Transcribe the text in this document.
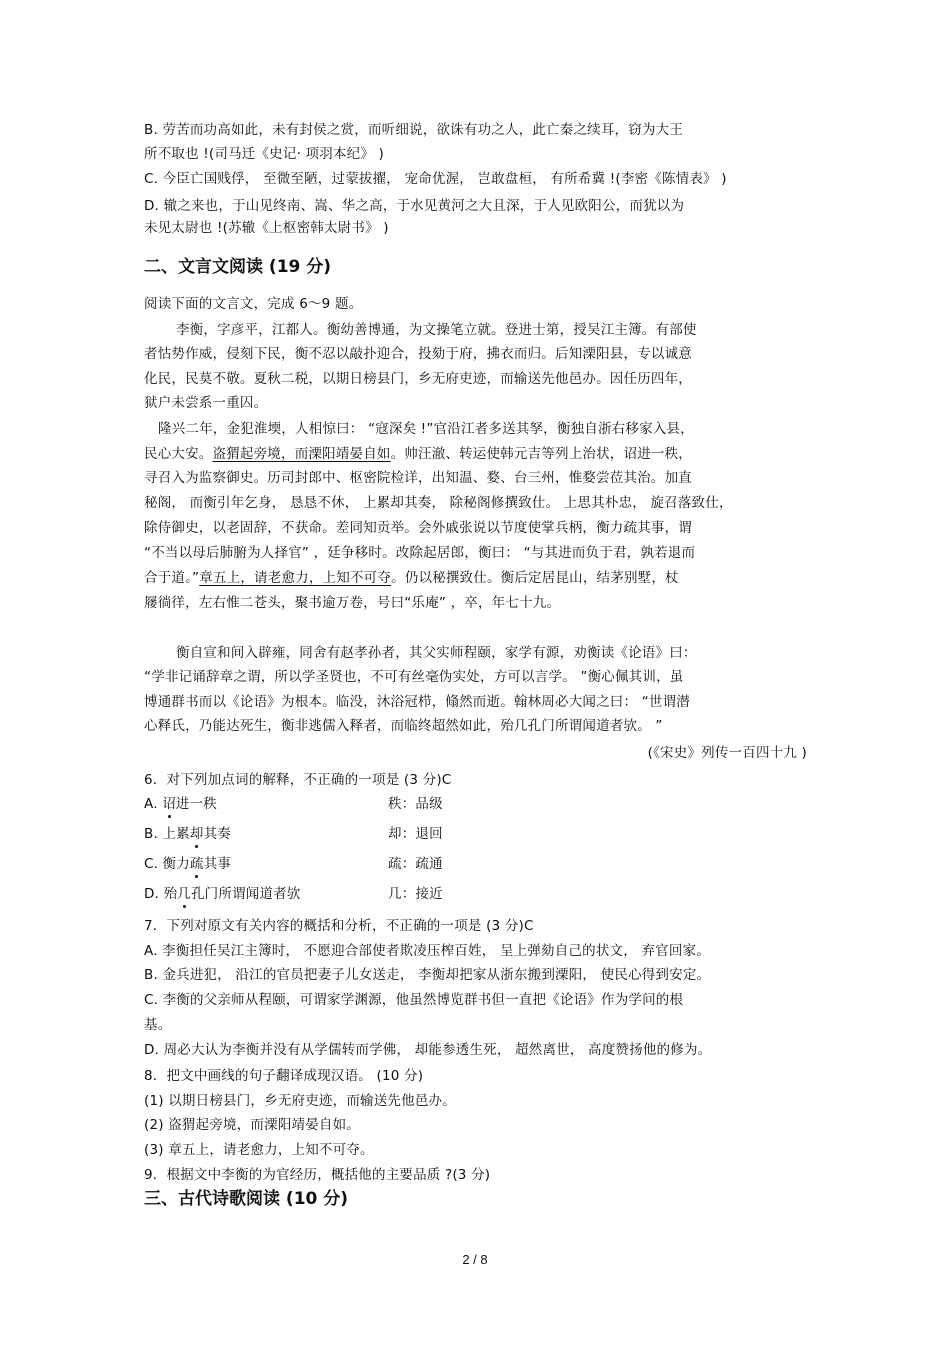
B. 劳苦而功高如此，未有封侯之赏，而听细说，欲诛有功之人，此亡秦之续耳，窃为大王
所不取也 !(司马迁《史记· 项羽本纪》 )
C. 今臣亡国贱俘， 至微至陋，过蒙拔擢， 宠命优渥， 岂敢盘桓， 有所希冀 !(李密《陈情表》 )
D. 辙之来也，于山见终南、嵩、华之高，于水见黄河之大且深，于人见欧阳公，而犹以为
未见太尉也 !(苏辙《上枢密韩太尉书》 )
二、文言文阅读 (19 分)
阅读下面的文言文，完成 6～9 题。
李衡，字彦平，江都人。衡幼善博通，为文操笔立就。登进士第，授吴江主簿。有部使
者怙势作威，侵刻下民，衡不忍以敲扑迎合，投劾于府，拂衣而归。后知溧阳县，专以诚意
化民，民莫不敬。夏秋二税，以期日榜县门，乡无府吏迹，而输送先他邑办。因任历四年，
狱户未尝系一重囚。
隆兴二年，金犯淮堧，人相惊曰： “寇深矣 !”官沿江者多送其孥，衡独自浙右移家入县，
民心大安。盗猬起旁境，而溧阳靖晏自如。帅汪澈、转运使韩元吉等列上治状，诏进一秩，
寻召入为监察御史。历司封郎中、枢密院检详，出知温、婺、台三州，惟婺尝莅其治。加直
秘阁， 而衡引年乞身， 恳恳不休， 上累却其奏， 除秘阁修撰致仕。 上思其朴忠， 旋召落致仕，
除侍御史，以老固辞，不获命。差同知贡举。会外戚张说以节度使掌兵柄，衡力疏其事，谓
“不当以母后肺腑为人择官” ，廷争移时。改除起居郎，衡曰： “与其进而负于君，孰若退而
合于道。”章五上，请老愈力，上知不可夺。仍以秘撰致仕。衡后定居昆山，结茅别墅，杖
屦徜徉，左右惟二苍头，聚书逾万卷，号曰“乐庵” ，卒，年七十九。
衡自宣和间入辟雍，同舍有赵孝孙者，其父实师程颐，家学有源，劝衡读《论语》曰：
“学非记诵辞章之谓，所以学圣贤也，不可有丝毫伪实处，方可以言学。 ”衡心佩其训，虽
博通群书而以《论语》为根本。临没，沐浴冠栉，翛然而逝。翰林周必大闻之曰： “世谓潜
心释氏，乃能达死生，衡非逃儒入释者，而临终超然如此，殆几孔门所谓闻道者欤。 ”
(《宋史》列传一百四十九 )
6．对下列加点词的解释，不正确的一项是 (3 分)C
A. 诏进一秩	秩：品级
B. 上累却其奏	却：退回
C. 衡力疏其事	疏：疏通
D. 殆几孔门所谓闻道者欤	几：接近
7．下列对原文有关内容的概括和分析，不正确的一项是 (3 分)C
A. 李衡担任吴江主簿时， 不愿迎合部使者欺凌压榨百姓， 呈上弹劾自己的状文， 弃官回家。
B. 金兵进犯， 沿江的官员把妻子儿女送走， 李衡却把家从浙东搬到溧阳， 使民心得到安定。
C. 李衡的父亲师从程颐，可谓家学渊源，他虽然博览群书但一直把《论语》作为学问的根
基。
D. 周必大认为李衡并没有从学儒转而学佛， 却能参透生死， 超然离世， 高度赞扬他的修为。
8．把文中画线的句子翻译成现汉语。 (10 分)
(1) 以期日榜县门，乡无府吏迹，而输送先他邑办。
(2) 盗猬起旁境，而溧阳靖晏自如。
(3) 章五上，请老愈力，上知不可夺。
9．根据文中李衡的为官经历，概括他的主要品质 ?(3 分)
三、古代诗歌阅读 (10 分)
2 / 8
